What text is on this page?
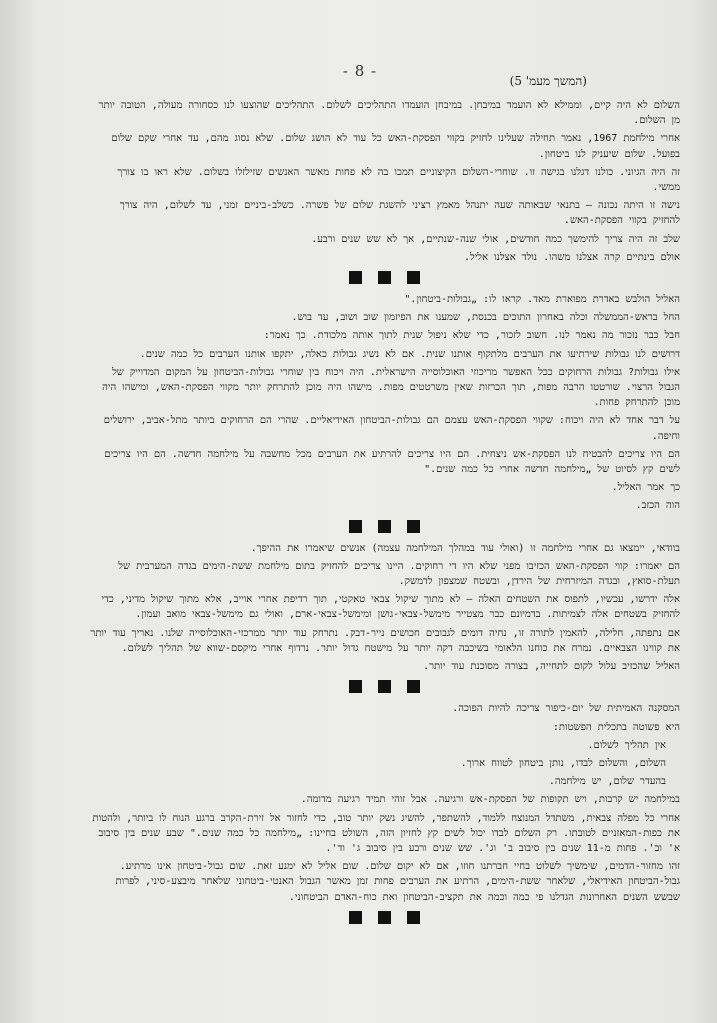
- 8 -
(המשך מעמ' 5)

השלום לא היה קיים, וממילא לא הועמד במיבחן. במיבחן הועמדו התהליכים לשלום. התהליכים שהוצעו לנו כסחורה מעולה, הטובה יותר מן השלום.

אחרי מילחמת 1967, נאמר תחילה שעלינו לחזיק בקווי הפסקת-האש כל עוד לא הושג שלום. שלא נסוג מהם, עד אחרי שקם שלום בפועל. שלום שיעניק לנו ביטחון.

זה היה הגיוני. כולנו דגלנו בגישה זו. שוחרי-השלום הקיצוניים תמכו בה לא פחות מאשר האנשים שזילזלו בשלום. שלא ראו בו צורך ממשי.

נישה זו היתה נכונה — בתנאי שבאותה שעה יתנהל מאמץ רציני להשגת שלום של פשרה. כשלב-ביניים זמני, עד לשלום, היה צורך להחזיק בקווי הפסקת-האש.

שלב זה היה צריך להימשך כמה חודשים, אולי שנה-שנתיים, אך לא שש שנים ורבע.

אולם בינתיים קרה אצלנו משהו. נולד אצלנו אליל.

האליל הולבש באדרת מפוארת מאד. קראו לו: „גבולות-ביטחון."

החל בראש-הממשלה וכלה באחרון התוכים בכנסת, שמענו את הפיזמון שוב ושוב, עד בוש.

חבל כבר נזכור מה נאמר לנו. חשוב לזכור, כדי שלא ניפול שנית לתוך אותה מלכודת. כך נאמר:

דרושים לנו גבולות שירתיעו את הערבים מלתקוף אותנו שנית. אם לא נשיג גבולות כאלה, יתקפו אותנו הערבים כל כמה שנים.

אילו גבולות? גבולות הרחוקים ככל האפשר מריכוזי האוכלוסייה הישראלית. היה ויכוח בין שוחרי גבולות-הביטחון על המקום המדוייק של הגבול הרצוי. שורטטו הרבה מפות, תוך הכרזות שאין משרטטים מפות. מישהו היה מוכן להתרחק יותר מקווי הפסקת-האש, ומישהו היה מוכן להתרחק פחות.

על דבר אחד לא היה ויכוח: שקווי הפסקת-האש עצמם הם גבולות-הביטחון האידיאליים. שהרי הם הרחוקים ביותר מתל-אביב, ירושלים וחיפה.

הם היו צריכים להבטיח לנו הפסקת-אש ניצחית. הם היו צריכים להרתיע את הערבים מכל מחשבה על מילחמה חדשה. הם היו צריכים לשים קץ לסיוט של „מילחמה חדשה אחרי כל כמה שנים."

כך אמר האליל.

הוה הכזב.

בוודאי, יימצאו גם אחרי מילחמה זו (ואולי עוד במהלך המילחמה עצמה) אנשים שיאמרו את ההיפך.

הם יאמרו: קווי הפסקת-האש הכזיבו מפני שלא היו די רחוקים. היינו צריכים להחזיק בתום מילחמת ששת-הימים בגדה המערבית של תעלת-סואץ, ובגדה המיזרחית של הירדן, ובשטח שמצפון לדמשק.

אלה ידרשו, עכשיו, לתפוס את השטחים האלה — לא מתוך שיקול צבאי טאקטי, תוך רדיפת אחרי אוייב, אלא מתוך שיקול מדיני, כדי להחזיק בשטחים אלה לצמיתות. בדמיונם כבר מצטייר מימשל-צבאי-גושן ומימשל-צבאי-ארם, ואולי גם מימשל-צבאי מואב ועמון.

אם נתפתה, חלילה, להאמין לתורה זו, נחיה דומים לגבובים חכושים נייר-דבק. נתרחק עוד יותר ממרכזי-האוכלוסייה שלנו. נאריך עוד יותר את קווינו הצבאיים. נמרח את כוחנו הלאומי בשיכבה דקה יותר על מישטח גדול יותר. נרדוף אחרי מיקסם-שווא של תהליך לשלום.

האליל שהכזיב עלול לקום לתחייה, בצורה מסוכנת עוד יותר.

המסקנה האמיתית של יום-כיפור צריכה להיות הפוכה.

היא פשוטה בתכלית הפשטות:

אין תהליך לשלום.

השלום, והשלום לבדו, נותן ביטחון לטווח ארוך.

בהעדר שלום, יש מילחמה.

במילחמה יש קרבות, ויש תקופות של הפסקת-אש ורגיעה. אבל זוהי תמיד רגיעה מדומה.

אחרי כל מפלה צבאית, משתדל המנוצח ללמוד, להשתפר, להשיג נשק יותר טוב, כדי לחזור אל זירת-הקרב ברגע הנוח לו ביותר, ולהטות את כפות-המאזניים לטובתו. רק השלום לבדו יכול לשים קץ לחזיון הזה, השולט בחיינו: „מילחמה כל כמה שנים." שבע שנים בין סיבוב א' וב'. פחות מ-11 שנים בין סיבוב ב' וג'. שש שנים ורבע בין סיבוב ג' וד'.

זהו מחזור-הדמים, שימשיך לשלוט בחיי חברתנו חוזו, אם לא יקום שלום. שום אליל לא ימנע זאת. שום גבול-ביטחון אינו מרתיע. גבול-הביטחון האידיאלי, שלאחר ששת-הימים, הרתיע את הערבים פחות זמן מאשר הגבול האנטי-ביטחוני שלאחר מיבצע-סיני, לפרות שבשש השנים האחרונות הגדלנו פי כמה וכמה את תקציב-הביטחון ואת כוח-האדם הביטחוני.
